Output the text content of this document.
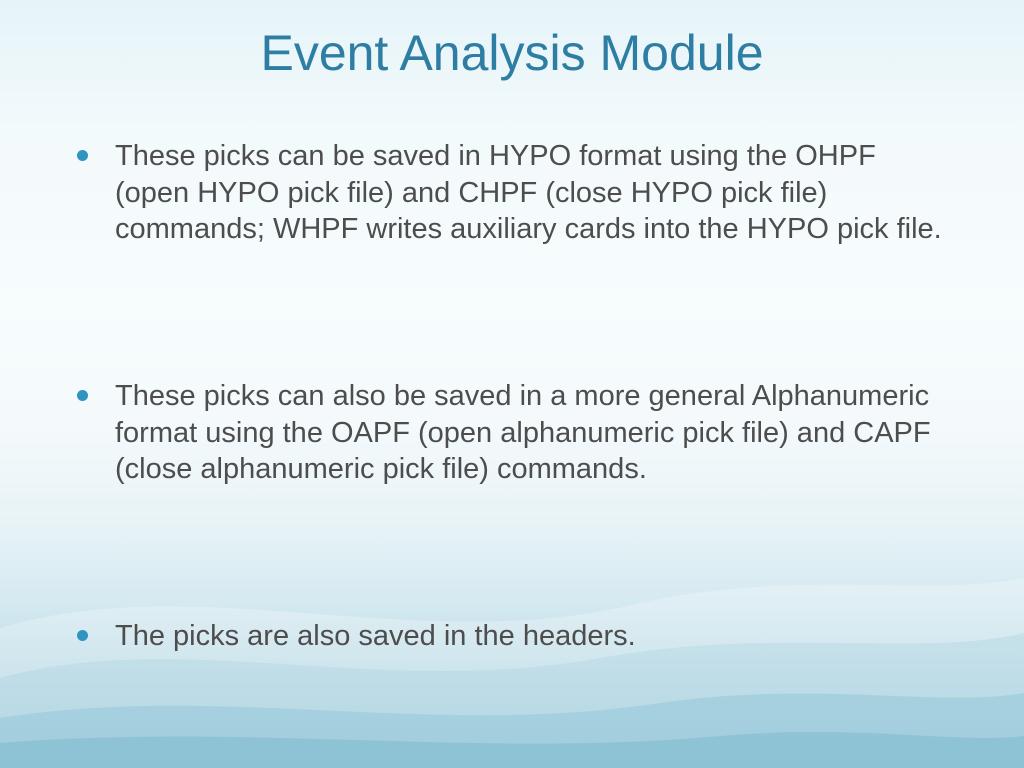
Event Analysis Module
These picks can be saved in HYPO format using the OHPF (open HYPO pick file) and CHPF (close HYPO pick file) commands; WHPF writes auxiliary cards into the HYPO pick file.
These picks can also be saved in a more general Alphanumeric format using the OAPF (open alphanumeric pick file) and CAPF (close alphanumeric pick file) commands.
The picks are also saved in the headers.
